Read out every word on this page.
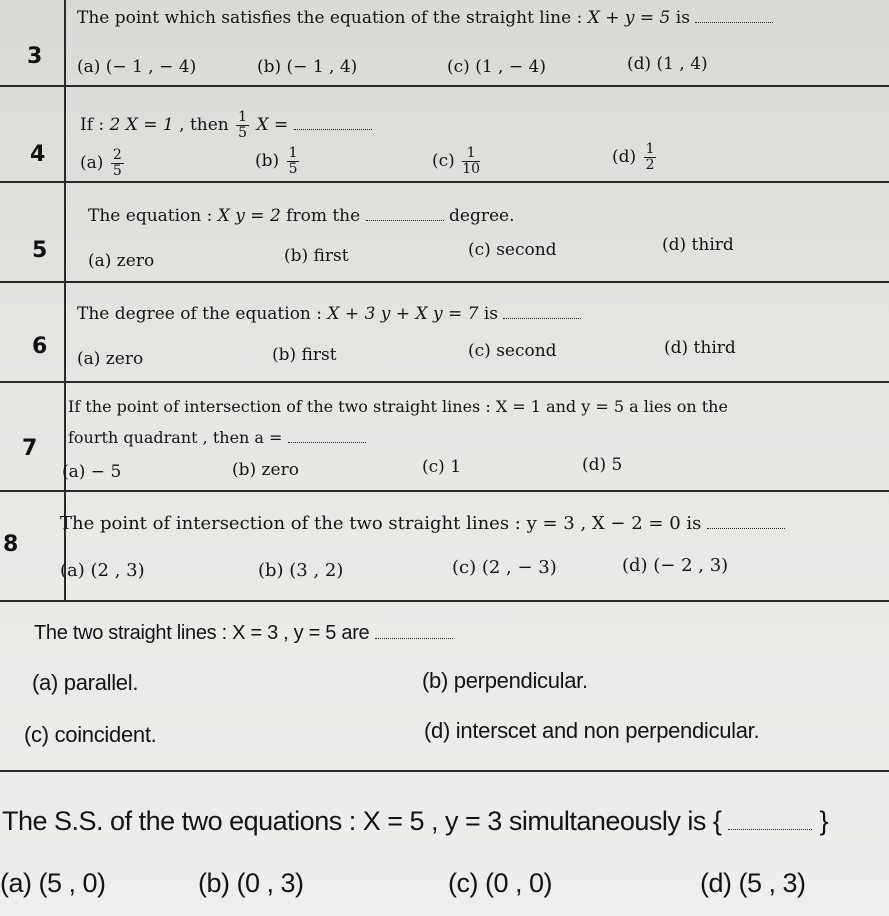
3
The point which satisfies the equation of the straight line : X + y = 5 is
(a) (− 1 , − 4)	(b) (− 1 , 4)	(c) (1 , − 4)	(d) (1 , 4)
4
If : 2 X = 1 , then $\frac{1}{5}$ X =
$(a) \frac{2}{5}$	$(b) \frac{1}{5}$	$(c) \frac{1}{10}$	$(d) \frac{1}{2}$
5
The equation : X y = 2 from the	degree.
(a) zero	(b) first	(c) second	(d) third
6
The degree of the equation : X + 3 y + X y = 7 is
(a) zero	(b) first	(c) second	(d) third
7
If the point of intersection of the two straight lines : X = 1 and y = 5 a lies on the
fourth quadrant , then a =
(a) − 5	(b) zero	(c) 1	(d) 5
8
The point of intersection of the two straight lines : y = 3 , X − 2 = 0 is
(a) (2 , 3)	(b) (3 , 2)	(c) (2 , − 3)	(d) (− 2 , 3)
The two straight lines : X = 3 , y = 5 are
(a) parallel.	(b) perpendicular.
(c) coincident.	(d) interscet and non perpendicular.
The S.S. of the two equations : X = 5 , y = 3 simultaneously is {	}
(a) (5 , 0)	(b) (0 , 3)	(c) (0 , 0)	(d) (5 , 3)
